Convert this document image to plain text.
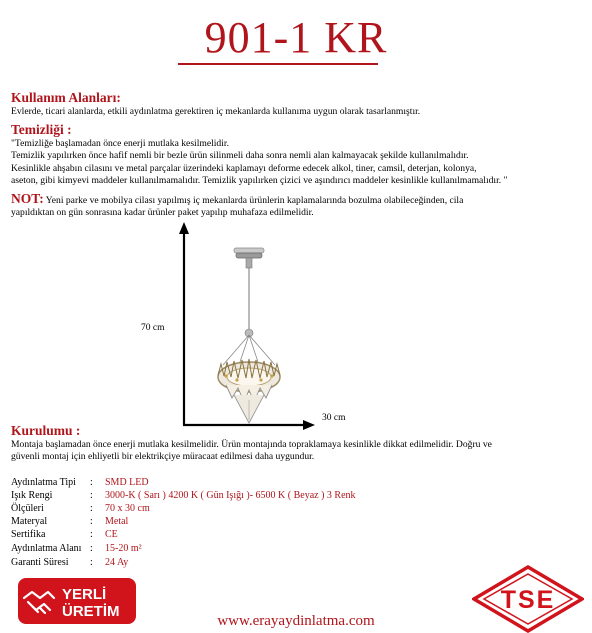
901-1 KR
Kullanım Alanları:
Evlerde, ticari alanlarda, etkili aydınlatma gerektiren iç mekanlarda kullanıma uygun olarak tasarlanmıştır.
Temizliği :
"Temizliğe başlamadan önce enerji mutlaka kesilmelidir.
Temizlik yapılırken önce hafif nemli bir bezle ürün silinmeli daha sonra nemli alan kalmayacak şekilde kullanılmalıdır.
Kesinlikle ahşabın cilasını ve metal parçalar üzerindeki kaplamayı deforme edecek alkol, tiner, camsil, deterjan, kolonya,
aseton, gibi kimyevi maddeler kullanılmamalıdır. Temizlik yapılırken çizici ve aşındırıcı maddeler kesinlikle kullanılmamalıdır. "
NOT: Yeni parke ve mobilya cilası yapılmış iç mekanlarda ürünlerin kaplamalarında bozulma olabileceğinden, cila
yapıldıktan on gün sonrasına kadar ürünler paket yapılıp muhafaza edilmelidir.
70 cm
30 cm
Kurulumu :
Montaja başlamadan önce enerji mutlaka kesilmelidir. Ürün montajında topraklamaya kesinlikle dikkat edilmelidir. Doğru ve
güvenli montaj için ehliyetli bir elektrikçiye müracaat edilmesi daha uygundur.
Aydınlatma Tipi : SMD LED
Işık Rengi	: 3000-K ( Sarı ) 4200 K ( Gün Işığı )- 6500 K ( Beyaz ) 3 Renk
Ölçüleri	: 70 x 30 cm
Materyal	: Metal
Sertifika	: CE
Aydınlatma Alanı : 15-20 m²
Garanti Süresi : 24 Ay
YERLİ
ÜRETİM
www.erayaydinlatma.com
TSE
